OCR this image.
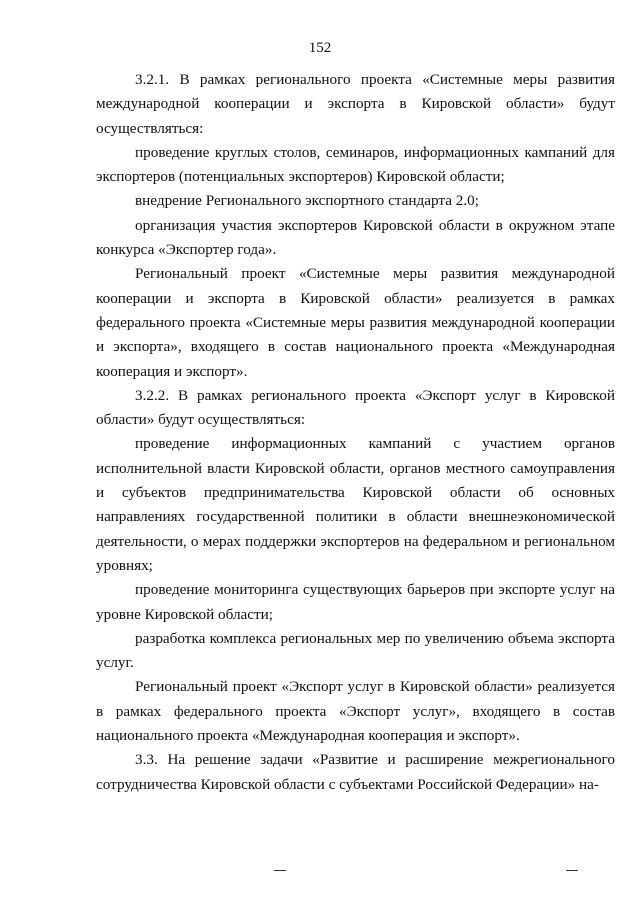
152

3.2.1. В рамках регионального проекта «Системные меры развития международной кооперации и экспорта в Кировской области» будут осуществляться:

проведение круглых столов, семинаров, информационных кампаний для экспортеров (потенциальных экспортеров) Кировской области;

внедрение Регионального экспортного стандарта 2.0;

организация участия экспортеров Кировской области в окружном этапе конкурса «Экспортер года».

Региональный проект «Системные меры развития международной кооперации и экспорта в Кировской области» реализуется в рамках федерального проекта «Системные меры развития международной кооперации и экспорта», входящего в состав национального проекта «Международная кооперация и экспорт».

3.2.2. В рамках регионального проекта «Экспорт услуг в Кировской области» будут осуществляться:

проведение информационных кампаний с участием органов исполнительной власти Кировской области, органов местного самоуправления и субъектов предпринимательства Кировской области об основных направлениях государственной политики в области внешнеэкономической деятельности, о мерах поддержки экспортеров на федеральном и региональном уровнях;

проведение мониторинга существующих барьеров при экспорте услуг на уровне Кировской области;

разработка комплекса региональных мер по увеличению объема экспорта услуг.

Региональный проект «Экспорт услуг в Кировской области» реализуется в рамках федерального проекта «Экспорт услуг», входящего в состав национального проекта «Международная кооперация и экспорт».

3.3. На решение задачи «Развитие и расширение межрегионального сотрудничества Кировской области с субъектами Российской Федерации» на-
